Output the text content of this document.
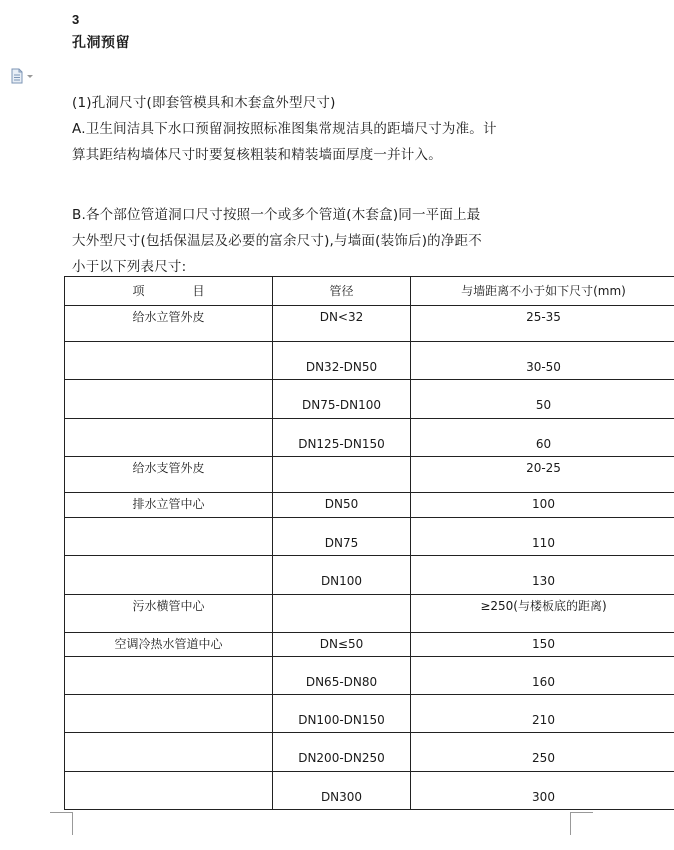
3
孔洞预留
(1)孔洞尺寸(即套管模具和木套盒外型尺寸)
A.卫生间洁具下水口预留洞按照标准图集常规洁具的距墙尺寸为准。计
算其距结构墙体尺寸时要复核粗装和精装墙面厚度一并计入。
B.各个部位管道洞口尺寸按照一个或多个管道(木套盒)同一平面上最
大外型尺寸(包括保温层及必要的富余尺寸),与墙面(装饰后)的净距不
小于以下列表尺寸:
项　　　　目	管径	与墙距离不小于如下尺寸(mm)

给水立管外皮	DN<32	25-35

	DN32-DN50	30-50

	DN75-DN100	50

	DN125-DN150	60

给水支管外皮		20-25

排水立管中心	DN50	100

	DN75	110

	DN100	130

污水横管中心		≥250(与楼板底的距离)

空调冷热水管道中心	DN≤50	150

	DN65-DN80	160

	DN100-DN150	210

	DN200-DN250	250

	DN300	300
